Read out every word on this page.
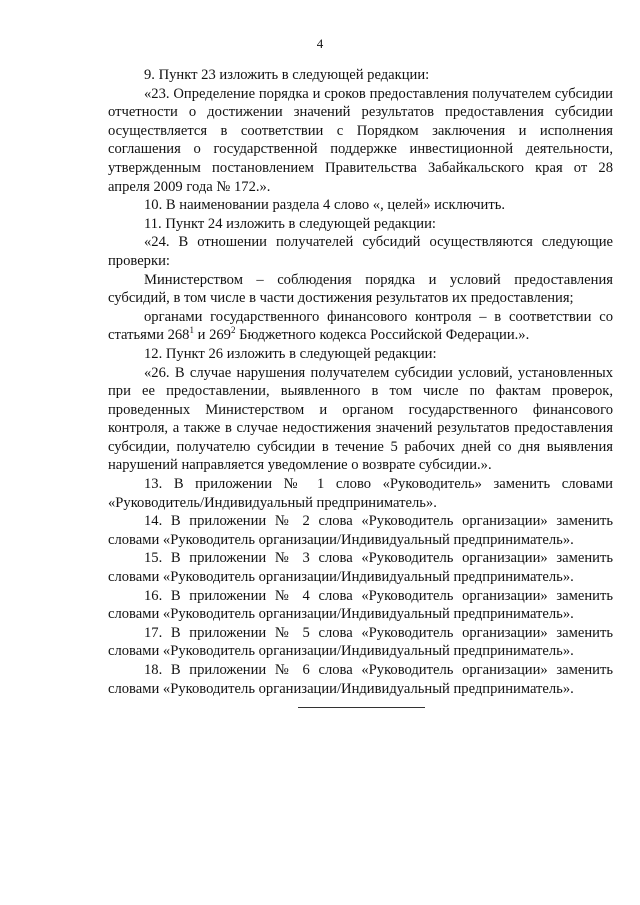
4

9. Пункт 23 изложить в следующей редакции:

«23. Определение порядка и сроков предоставления получателем субсидии отчетности о достижении значений результатов предоставления субсидии осуществляется в соответствии с Порядком заключения и исполнения соглашения о государственной поддержке инвестиционной деятельности, утвержденным постановлением Правительства Забайкальского края от 28 апреля 2009 года № 172.».

10. В наименовании раздела 4 слово «, целей» исключить.

11. Пункт 24 изложить в следующей редакции:

«24. В отношении получателей субсидий осуществляются следующие проверки:

Министерством – соблюдения порядка и условий предоставления субсидий, в том числе в части достижения результатов их предоставления;

органами государственного финансового контроля – в соответствии со статьями $268^1$ и $269^2$ Бюджетного кодекса Российской Федерации.».

12. Пункт 26 изложить в следующей редакции:

«26. В случае нарушения получателем субсидии условий, установленных при ее предоставлении, выявленного в том числе по фактам проверок, проведенных Министерством и органом государственного финансового контроля, а также в случае недостижения значений результатов предоставления субсидии, получателю субсидии в течение 5 рабочих дней со дня выявления нарушений направляется уведомление о возврате субсидии.».

13. В приложении № 1 слово «Руководитель» заменить словами «Руководитель/Индивидуальный предприниматель».

14. В приложении № 2 слова «Руководитель организации» заменить словами «Руководитель организации/Индивидуальный предприниматель».

15. В приложении № 3 слова «Руководитель организации» заменить словами «Руководитель организации/Индивидуальный предприниматель».

16. В приложении № 4 слова «Руководитель организации» заменить словами «Руководитель организации/Индивидуальный предприниматель».

17. В приложении № 5 слова «Руководитель организации» заменить словами «Руководитель организации/Индивидуальный предприниматель».

18. В приложении № 6 слова «Руководитель организации» заменить словами «Руководитель организации/Индивидуальный предприниматель».
